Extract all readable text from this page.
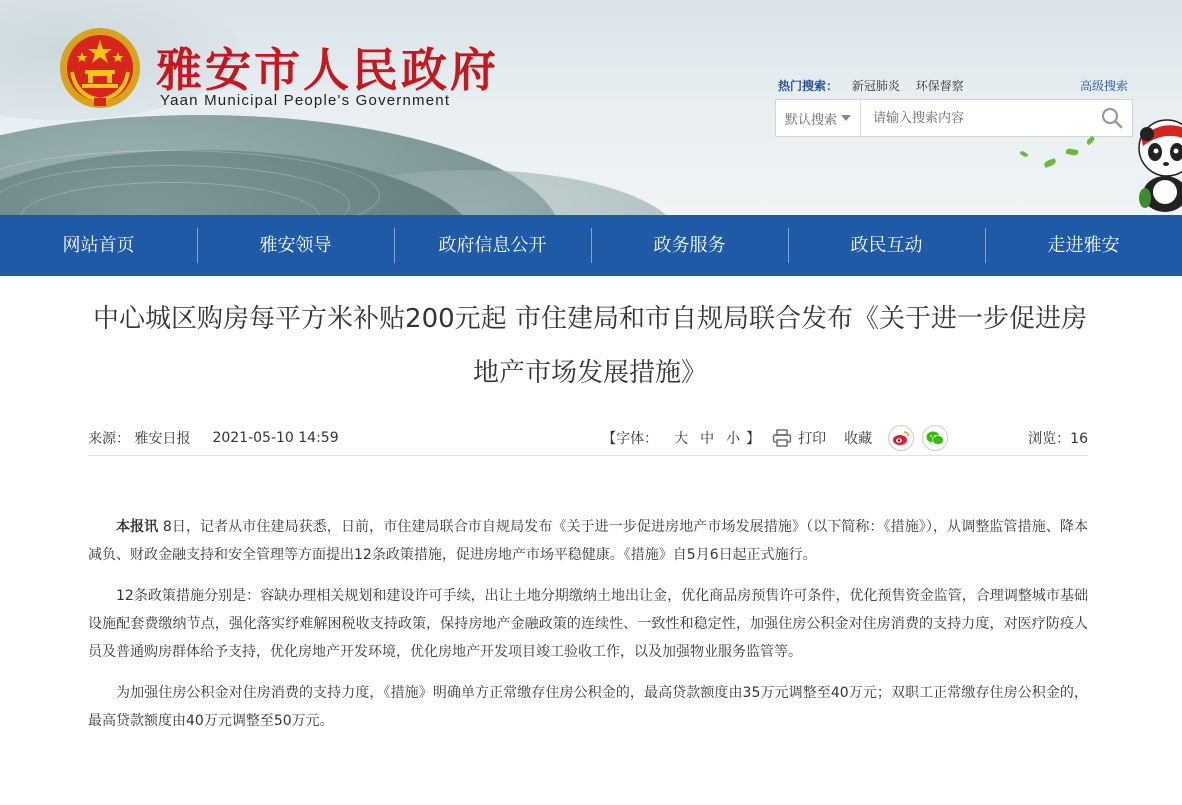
雅安市人民政府
Yaan Municipal People's Government
热门搜索： 新冠肺炎 环保督察	高级搜索
默认搜索
请输入搜索内容
网站首页	雅安领导	政府信息公开	政务服务	政民互动	走进雅安
中心城区购房每平方米补贴200元起 市住建局和市自规局联合发布《关于进一步促进房
地产市场发展措施》
来源： 雅安日报 2021-05-10 14:59	【字体： 大 中 小 】	打印 收藏	浏览：16

本报讯 8日，记者从市住建局获悉，日前，市住建局联合市自规局发布《关于进一步促进房地产市场发展措施》（以下简称：《措施》），从调整监管措施、降本减负、财政金融支持和安全管理等方面提出12条政策措施，促进房地产市场平稳健康。《措施》自5月6日起正式施行。

12条政策措施分别是：容缺办理相关规划和建设许可手续，出让土地分期缴纳土地出让金，优化商品房预售许可条件，优化预售资金监管，合理调整城市基础设施配套费缴纳节点，强化落实纾难解困税收支持政策，保持房地产金融政策的连续性、一致性和稳定性，加强住房公积金对住房消费的支持力度，对医疗防疫人员及普通购房群体给予支持，优化房地产开发环境，优化房地产开发项目竣工验收工作，以及加强物业服务监管等。

为加强住房公积金对住房消费的支持力度，《措施》明确单方正常缴存住房公积金的，最高贷款额度由35万元调整至40万元；双职工正常缴存住房公积金的，最高贷款额度由40万元调整至50万元。
